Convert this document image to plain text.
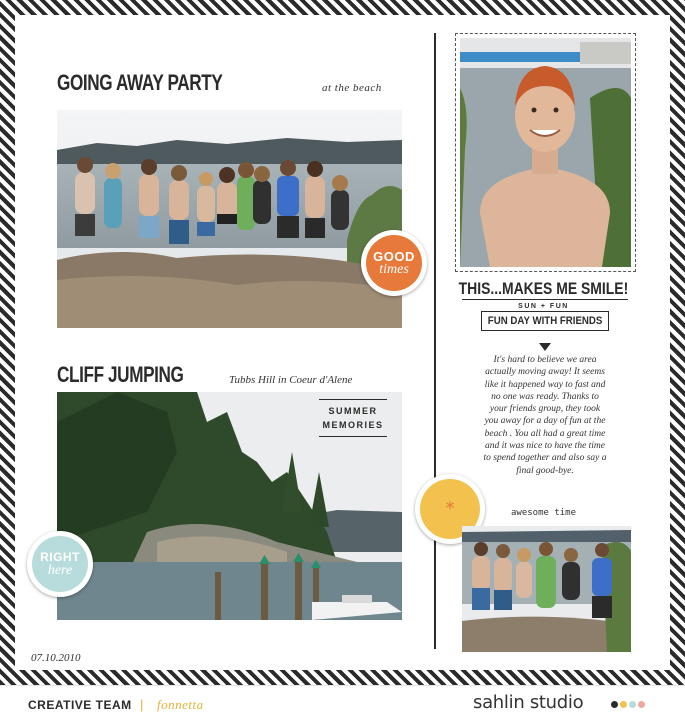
GOING AWAY PARTY	at the beach
GOOD
times
CLIFF JUMPING	Tubbs Hill in Coeur d'Alene
SUMMER
MEMORIES
RIGHT
here
07.10.2010
THIS...MAKES ME SMILE!
SUN + FUN
FUN DAY WITH FRIENDS
It's hard to believe we area actually moving away! It seems like it happened way to fast and no one was ready. Thanks to your friends group, they took you away for a day of fun at the beach . You all had a great time and it was nice to have the time to spend together and also say a final good-bye.
awesome time
*
CREATIVE TEAM | fonnetta	sahlin studio
